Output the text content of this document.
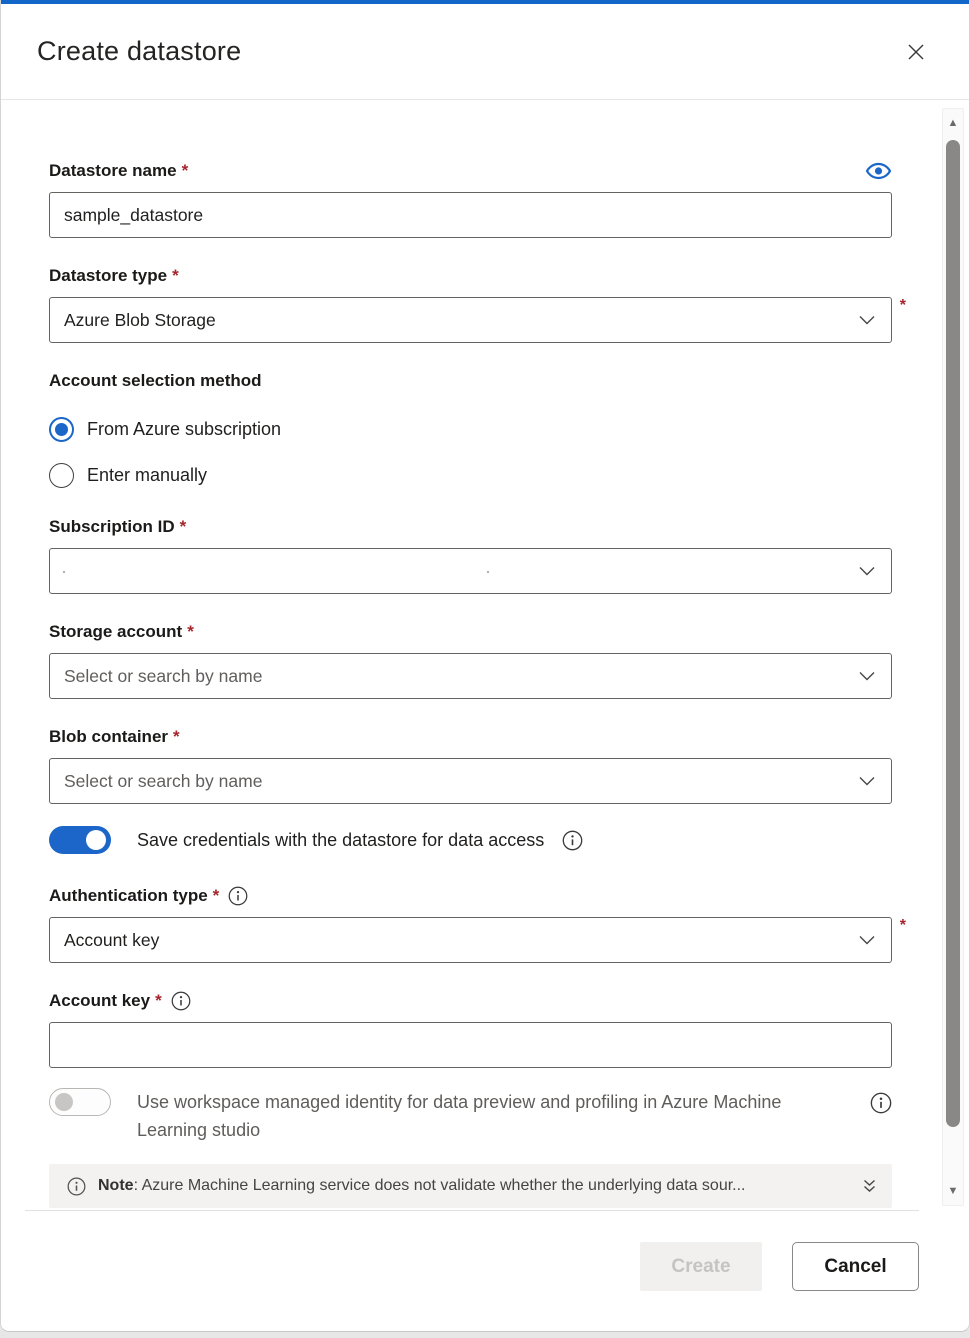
Create datastore
Datastore name *
sample_datastore
Datastore type *
Azure Blob Storage
*
Account selection method
From Azure subscription
Enter manually
Subscription ID *
Storage account *
Select or search by name
Blob container *
Select or search by name
Save credentials with the datastore for data access
Authentication type *
Account key
*
Account key *
Use workspace managed identity for data preview and profiling in Azure Machine Learning studio
Note: Azure Machine Learning service does not validate whether the underlying data sour...
▲
▼
Create	Cancel
